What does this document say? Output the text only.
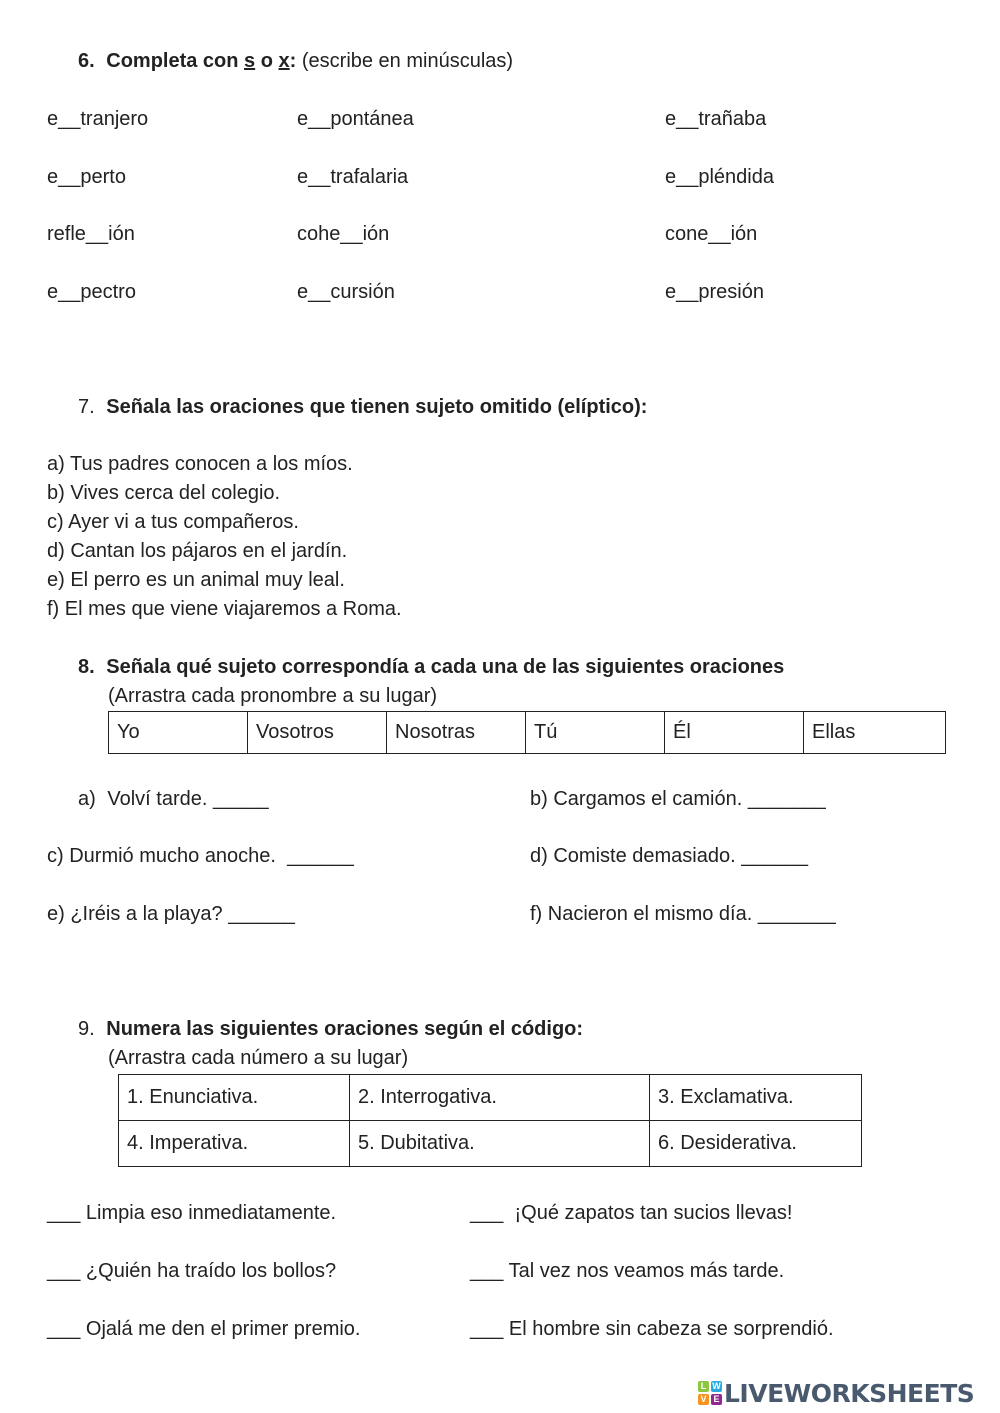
6. Completa con s o x: (escribe en minúsculas)
e__tranjero	e__pontánea	e__trañaba
e__perto	e__trafalaria	e__pléndida
refle__ión	cohe__ión	cone__ión
e__pectro	e__cursión	e__presión
7. Señala las oraciones que tienen sujeto omitido (elíptico):
a) Tus padres conocen a los míos.
b) Vives cerca del colegio.
c) Ayer vi a tus compañeros.
d) Cantan los pájaros en el jardín.
e) El perro es un animal muy leal.
f) El mes que viene viajaremos a Roma.
8. Señala qué sujeto correspondía a cada una de las siguientes oraciones
(Arrastra cada pronombre a su lugar)
Yo	Vosotros	Nosotras	Tú	Él	Ellas
a) Volví tarde. _____	b) Cargamos el camión. _______
c) Durmió mucho anoche.  ______	d) Comiste demasiado. ______
e) ¿Iréis a la playa? ______	f) Nacieron el mismo día. _______
9. Numera las siguientes oraciones según el código:
(Arrastra cada número a su lugar)
1. Enunciativa.	2. Interrogativa.	3. Exclamativa.
4. Imperativa.	5. Dubitativa.	6. Desiderativa.
___ Limpia eso inmediatamente.	___  ¡Qué zapatos tan sucios llevas!
___ ¿Quién ha traído los bollos?	___ Tal vez nos veamos más tarde.
___ Ojalá me den el primer premio.	___ El hombre sin cabeza se sorprendió.
L W
V E LIVEWORKSHEETS
